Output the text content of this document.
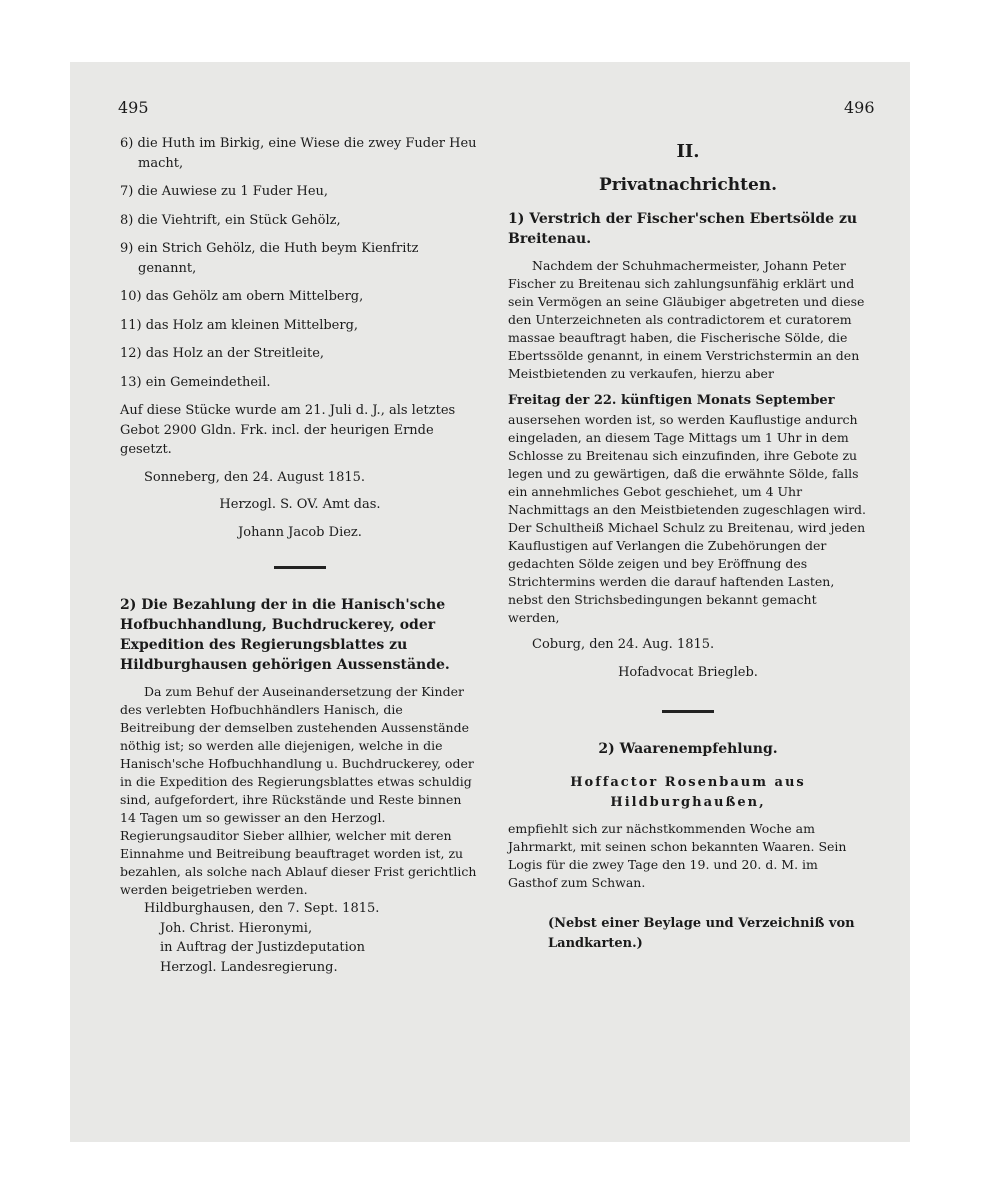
495	496
6) die Huth im Birkig, eine Wiese die zwey Fuder Heu macht,
7) die Auwiese zu 1 Fuder Heu,
8) die Viehtrift, ein Stück Gehölz,
9) ein Strich Gehölz, die Huth beym Kienfritz genannt,
10) das Gehölz am obern Mittelberg,
11) das Holz am kleinen Mittelberg,
12) das Holz an der Streitleite,
13) ein Gemeindetheil.

Auf diese Stücke wurde am 21. Juli d. J., als letztes Gebot 2900 Gldn. Frk. incl. der heurigen Ernde gesetzt.

Sonneberg, den 24. August 1815.

Herzogl. S. OV. Amt das.

Johann Jacob Diez.

2) Die Bezahlung der in die Hanisch'sche Hofbuchhandlung, Buchdruckerey, oder Expedition des Regierungsblattes zu Hildburghausen gehörigen Aussenstände.

Da zum Behuf der Auseinandersetzung der Kinder des verlebten Hofbuchhändlers Hanisch, die Beitreibung der demselben zustehenden Aussenstände nöthig ist; so werden alle diejenigen, welche in die Hanisch'sche Hofbuchhandlung u. Buchdruckerey, oder in die Expedition des Regierungsblattes etwas schuldig sind, aufgefordert, ihre Rückstände und Reste binnen 14 Tagen um so gewisser an den Herzogl. Regierungsauditor Sieber allhier, welcher mit deren Einnahme und Beitreibung beauftraget worden ist, zu bezahlen, als solche nach Ablauf dieser Frist gerichtlich werden beigetrieben werden.

Hildburghausen, den 7. Sept. 1815.

Joh. Christ. Hieronymi,

in Auftrag der Justizdeputation

Herzogl. Landesregierung.

II.
Privatnachrichten.

1) Verstrich der Fischer'schen Ebertsölde zu Breitenau.

Nachdem der Schuhmachermeister, Johann Peter Fischer zu Breitenau sich zahlungsunfähig erklärt und sein Vermögen an seine Gläubiger abgetreten und diese den Unterzeichneten als contradictorem et curatorem massae beauftragt haben, die Fischerische Sölde, die Ebertssölde genannt, in einem Verstrichstermin an den Meistbietenden zu verkaufen, hierzu aber

Freitag der 22. künftigen Monats September

ausersehen worden ist, so werden Kauflustige andurch eingeladen, an diesem Tage Mittags um 1 Uhr in dem Schlosse zu Breitenau sich einzufinden, ihre Gebote zu legen und zu gewärtigen, daß die erwähnte Sölde, falls ein annehmliches Gebot geschiehet, um 4 Uhr Nachmittags an den Meistbietenden zugeschlagen wird. Der Schultheiß Michael Schulz zu Breitenau, wird jeden Kauflustigen auf Verlangen die Zubehörungen der gedachten Sölde zeigen und bey Eröffnung des Strichtermins werden die darauf haftenden Lasten, nebst den Strichsbedingungen bekannt gemacht werden,

Coburg, den 24. Aug. 1815.

Hofadvocat Briegleb.

2) Waarenempfehlung.

Hoffactor Rosenbaum aus Hildburghaußen,

empfiehlt sich zur nächstkommenden Woche am Jahrmarkt, mit seinen schon bekannten Waaren. Sein Logis für die zwey Tage den 19. und 20. d. M. im Gasthof zum Schwan.

(Nebst einer Beylage und Verzeichniß von Landkarten.)
